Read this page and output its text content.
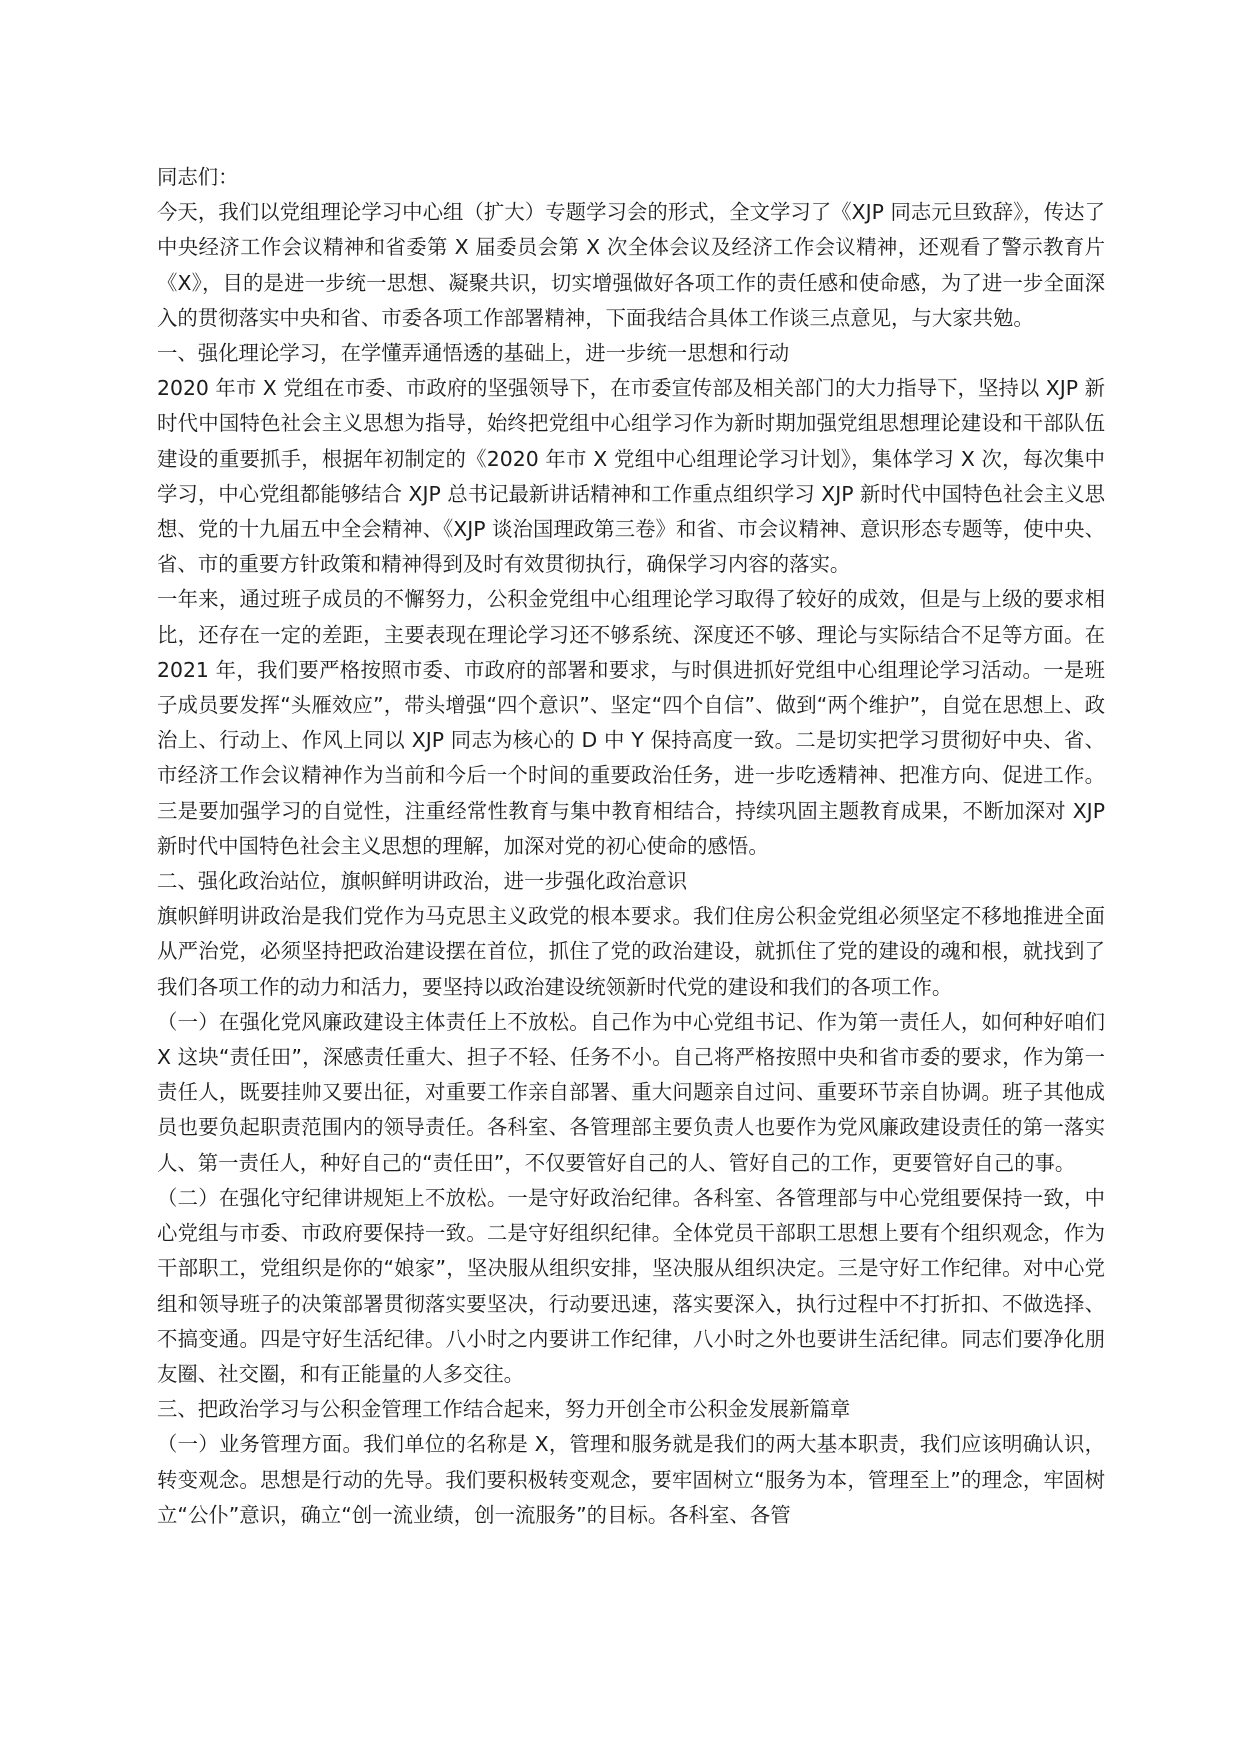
同志们：

今天，我们以党组理论学习中心组（扩大）专题学习会的形式，全文学习了《XJP 同志元旦致辞》，传达了中央经济工作会议精神和省委第 X 届委员会第 X 次全体会议及经济工作会议精神，还观看了警示教育片《X》，目的是进一步统一思想、凝聚共识，切实增强做好各项工作的责任感和使命感，为了进一步全面深入的贯彻落实中央和省、市委各项工作部署精神，下面我结合具体工作谈三点意见，与大家共勉。

一、强化理论学习，在学懂弄通悟透的基础上，进一步统一思想和行动

2020 年市 X 党组在市委、市政府的坚强领导下，在市委宣传部及相关部门的大力指导下，坚持以 XJP 新时代中国特色社会主义思想为指导，始终把党组中心组学习作为新时期加强党组思想理论建设和干部队伍建设的重要抓手，根据年初制定的《2020 年市 X 党组中心组理论学习计划》，集体学习 X 次，每次集中学习，中心党组都能够结合 XJP 总书记最新讲话精神和工作重点组织学习 XJP 新时代中国特色社会主义思想、党的十九届五中全会精神、《XJP 谈治国理政第三卷》和省、市会议精神、意识形态专题等，使中央、省、市的重要方针政策和精神得到及时有效贯彻执行，确保学习内容的落实。

一年来，通过班子成员的不懈努力，公积金党组中心组理论学习取得了较好的成效，但是与上级的要求相比，还存在一定的差距，主要表现在理论学习还不够系统、深度还不够、理论与实际结合不足等方面。在 2021 年，我们要严格按照市委、市政府的部署和要求，与时俱进抓好党组中心组理论学习活动。一是班子成员要发挥“头雁效应”，带头增强“四个意识”、坚定“四个自信”、做到“两个维护”，自觉在思想上、政治上、行动上、作风上同以 XJP 同志为核心的 D 中 Y 保持高度一致。二是切实把学习贯彻好中央、省、市经济工作会议精神作为当前和今后一个时间的重要政治任务，进一步吃透精神、把准方向、促进工作。三是要加强学习的自觉性，注重经常性教育与集中教育相结合，持续巩固主题教育成果，不断加深对 XJP 新时代中国特色社会主义思想的理解，加深对党的初心使命的感悟。

二、强化政治站位，旗帜鲜明讲政治，进一步强化政治意识

旗帜鲜明讲政治是我们党作为马克思主义政党的根本要求。我们住房公积金党组必须坚定不移地推进全面从严治党，必须坚持把政治建设摆在首位，抓住了党的政治建设，就抓住了党的建设的魂和根，就找到了我们各项工作的动力和活力，要坚持以政治建设统领新时代党的建设和我们的各项工作。

（一）在强化党风廉政建设主体责任上不放松。自己作为中心党组书记、作为第一责任人，如何种好咱们 X 这块“责任田”，深感责任重大、担子不轻、任务不小。自己将严格按照中央和省市委的要求，作为第一责任人，既要挂帅又要出征，对重要工作亲自部署、重大问题亲自过问、重要环节亲自协调。班子其他成员也要负起职责范围内的领导责任。各科室、各管理部主要负责人也要作为党风廉政建设责任的第一落实人、第一责任人，种好自己的“责任田”，不仅要管好自己的人、管好自己的工作，更要管好自己的事。

（二）在强化守纪律讲规矩上不放松。一是守好政治纪律。各科室、各管理部与中心党组要保持一致，中心党组与市委、市政府要保持一致。二是守好组织纪律。全体党员干部职工思想上要有个组织观念，作为干部职工，党组织是你的“娘家”，坚决服从组织安排，坚决服从组织决定。三是守好工作纪律。对中心党组和领导班子的决策部署贯彻落实要坚决，行动要迅速，落实要深入，执行过程中不打折扣、不做选择、不搞变通。四是守好生活纪律。八小时之内要讲工作纪律，八小时之外也要讲生活纪律。同志们要净化朋友圈、社交圈，和有正能量的人多交往。

三、把政治学习与公积金管理工作结合起来，努力开创全市公积金发展新篇章

（一）业务管理方面。我们单位的名称是 X，管理和服务就是我们的两大基本职责，我们应该明确认识，转变观念。思想是行动的先导。我们要积极转变观念，要牢固树立“服务为本，管理至上”的理念，牢固树立“公仆”意识，确立“创一流业绩，创一流服务”的目标。各科室、各管
